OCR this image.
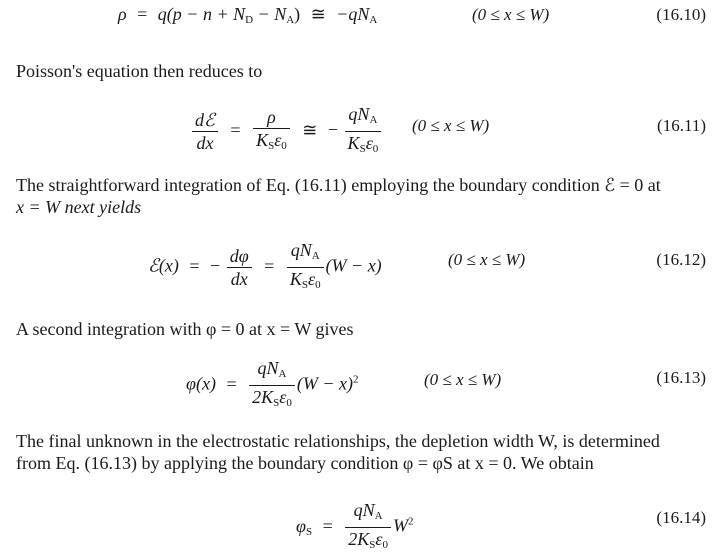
$\rho = q(p - n + N_D - N_A)$ ≅ $-qN_A$	(0 ≤ x ≤ W)	(16.10)
Poisson's equation then reduces to
$\frac{\text{dℰ}}{dx} = \frac{\rho}{K_S\varepsilon_0}$ ≅ − $\frac{qN_A}{K_S\varepsilon_0} (0 \le x \le W)$	(16.11)
The straightforward integration of Eq. (16.11) employing the boundary condition ℰ = 0 at
x = W next yields
ℰ(x) = − $\frac{d\varphi}{dx} = \frac{qN_A}{K_S\varepsilon_0} (W - x)$	(0 ≤ x ≤ W)	(16.12)
A second integration with φ = 0 at x = W gives
$\varphi(x) = \frac{qN_A}{2K_S\varepsilon_0} (W - x)^2$	(0 ≤ x ≤ W)	(16.13)
The final unknown in the electrostatic relationships, the depletion width W, is determined
from Eq. (16.13) by applying the boundary condition φ = φS at x = 0. We obtain
$\varphi_S = \frac{qN_A}{2K_S\varepsilon_0} W^2$	(16.14)
